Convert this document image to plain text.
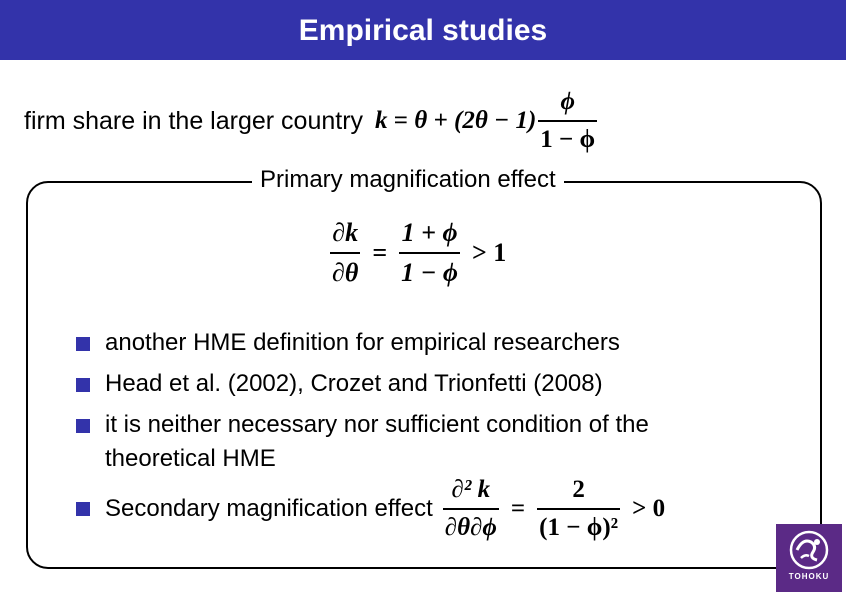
Empirical studies
firm share in the larger country $k = \theta + (2\theta - 1) \frac{\phi}{1 - \phi}$
Primary magnification effect
$\frac{\partial k}{\partial\theta} = \frac{1 + \phi}{1 - \phi} > 1$
another HME definition for empirical researchers
Head et al. (2002), Crozet and Trionfetti (2008)
it is neither necessary nor sufficient condition of the theoretical HME
Secondary magnification effect $\frac{\text{∂² k}}{\partial\theta\partial\phi} = \frac{2}{\text{(1 − ϕ)²}} > 0$
TOHOKU
